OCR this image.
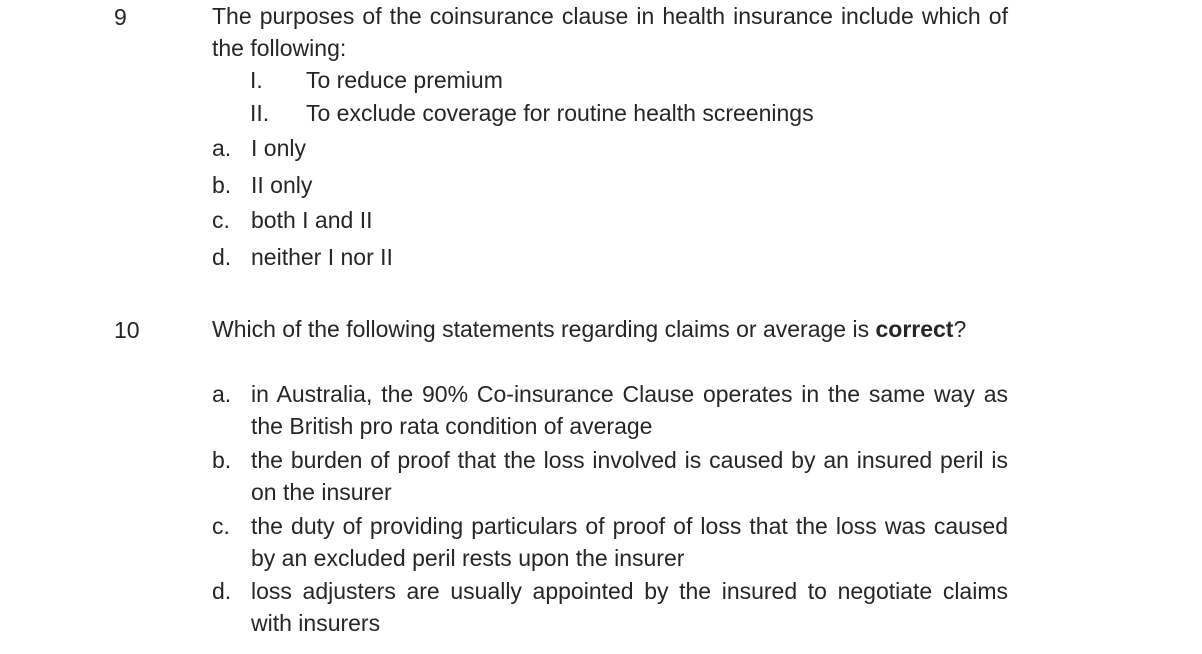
9	The purposes of the coinsurance clause in health insurance include which of the following:
I. To reduce premium
II. To exclude coverage for routine health screenings
a. I only
b. II only
c. both I and II
d. neither I nor II
10	Which of the following statements regarding claims or average is correct?
a. in Australia, the 90% Co-insurance Clause operates in the same way as the British pro rata condition of average
b. the burden of proof that the loss involved is caused by an insured peril is on the insurer
c. the duty of providing particulars of proof of loss that the loss was caused by an excluded peril rests upon the insurer
d. loss adjusters are usually appointed by the insured to negotiate claims with insurers
